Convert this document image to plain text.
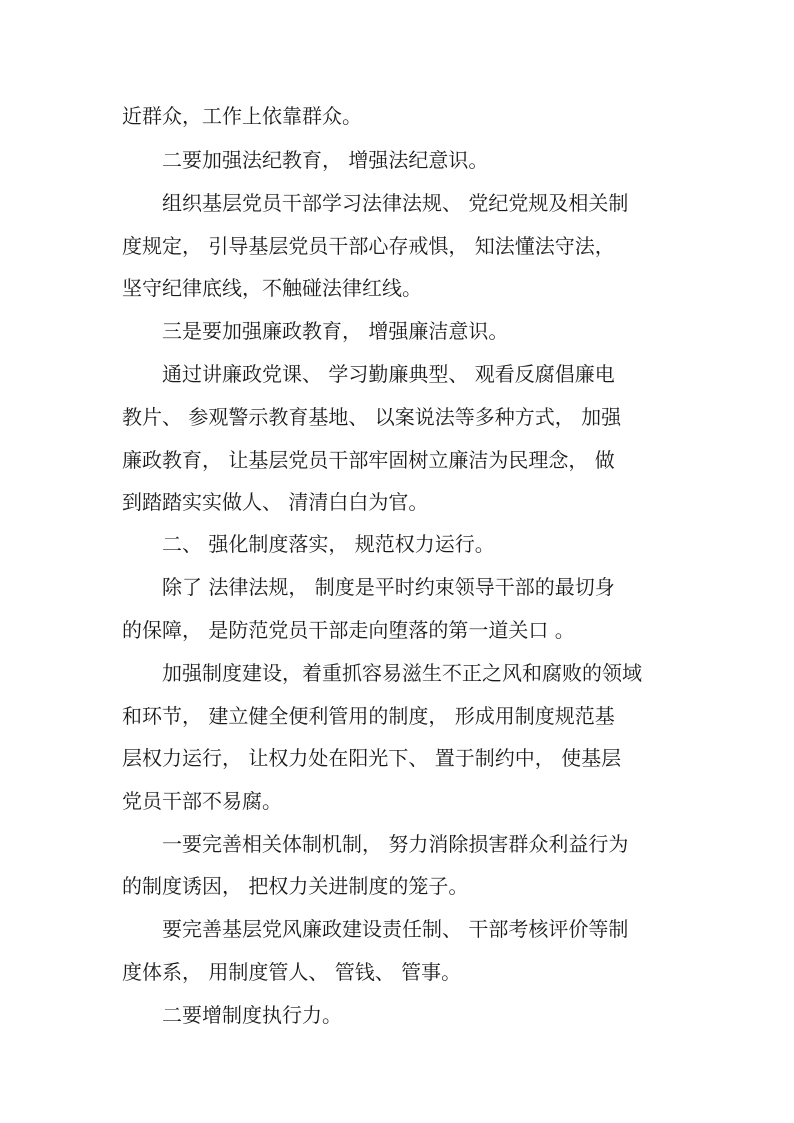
近群众，工作上依靠群众。
二要加强法纪教育， 增强法纪意识。
组织基层党员干部学习法律法规、 党纪党规及相关制
度规定， 引导基层党员干部心存戒惧， 知法懂法守法，
坚守纪律底线，不触碰法律红线。
三是要加强廉政教育， 增强廉洁意识。
通过讲廉政党课、 学习勤廉典型、 观看反腐倡廉电
教片、 参观警示教育基地、 以案说法等多种方式， 加强
廉政教育， 让基层党员干部牢固树立廉洁为民理念， 做
到踏踏实实做人、 清清白白为官。
二、 强化制度落实， 规范权力运行。
除了 法律法规， 制度是平时约束领导干部的最切身
的保障， 是防范党员干部走向堕落的第一道关口 。
加强制度建设，着重抓容易滋生不正之风和腐败的领域
和环节， 建立健全便利管用的制度， 形成用制度规范基
层权力运行， 让权力处在阳光下、 置于制约中， 使基层
党员干部不易腐。
一要完善相关体制机制， 努力消除损害群众利益行为
的制度诱因， 把权力关进制度的笼子。
要完善基层党风廉政建设责任制、 干部考核评价等制
度体系， 用制度管人、 管钱、 管事。
二要增制度执行力。
